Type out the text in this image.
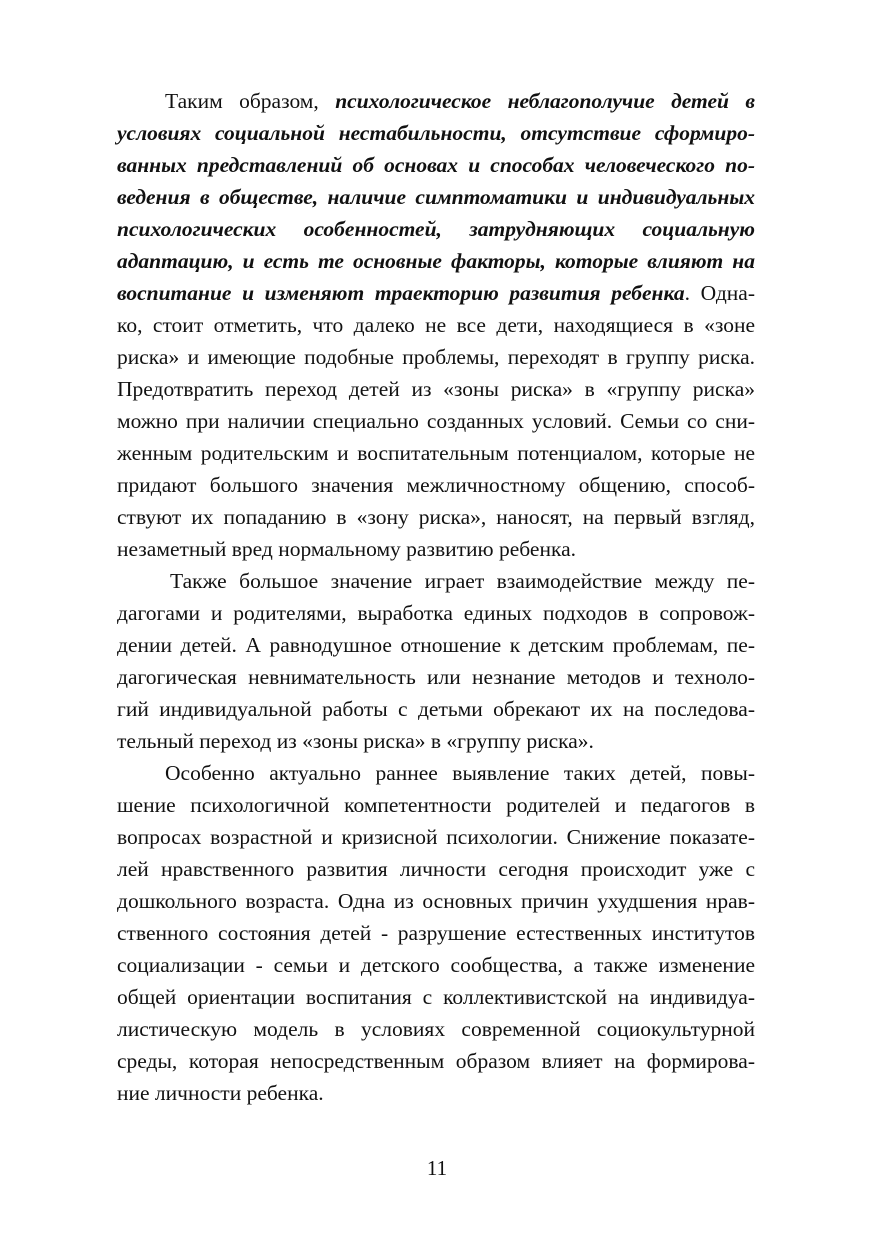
Таким образом, психологическое неблагополучие детей в
условиях социальной нестабильности, отсутствие сформиро-
ванных представлений об основах и способах человеческого по-
ведения в обществе, наличие симптоматики и индивидуальных
психологических особенностей, затрудняющих социальную
адаптацию, и есть те основные факторы, которые влияют на
воспитание и изменяют траекторию развития ребенка. Одна-
ко, стоит отметить, что далеко не все дети, находящиеся в «зоне
риска» и имеющие подобные проблемы, переходят в группу риска.
Предотвратить переход детей из «зоны риска» в «группу риска»
можно при наличии специально созданных условий. Семьи со сни-
женным родительским и воспитательным потенциалом, которые не
придают большого значения межличностному общению, способ-
ствуют их попаданию в «зону риска», наносят, на первый взгляд,
незаметный вред нормальному развитию ребенка.
Также большое значение играет взаимодействие между пе-
дагогами и родителями, выработка единых подходов в сопровож-
дении детей. А равнодушное отношение к детским проблемам, пе-
дагогическая невнимательность или незнание методов и техноло-
гий индивидуальной работы с детьми обрекают их на последова-
тельный переход из «зоны риска» в «группу риска».
Особенно актуально раннее выявление таких детей, повы-
шение психологичной компетентности родителей и педагогов в
вопросах возрастной и кризисной психологии. Снижение показате-
лей нравственного развития личности сегодня происходит уже с
дошкольного возраста. Одна из основных причин ухудшения нрав-
ственного состояния детей - разрушение естественных институтов
социализации - семьи и детского сообщества, а также изменение
общей ориентации воспитания с коллективистской на индивидуа-
листическую модель в условиях современной социокультурной
среды, которая непосредственным образом влияет на формирова-
ние личности ребенка.
11
